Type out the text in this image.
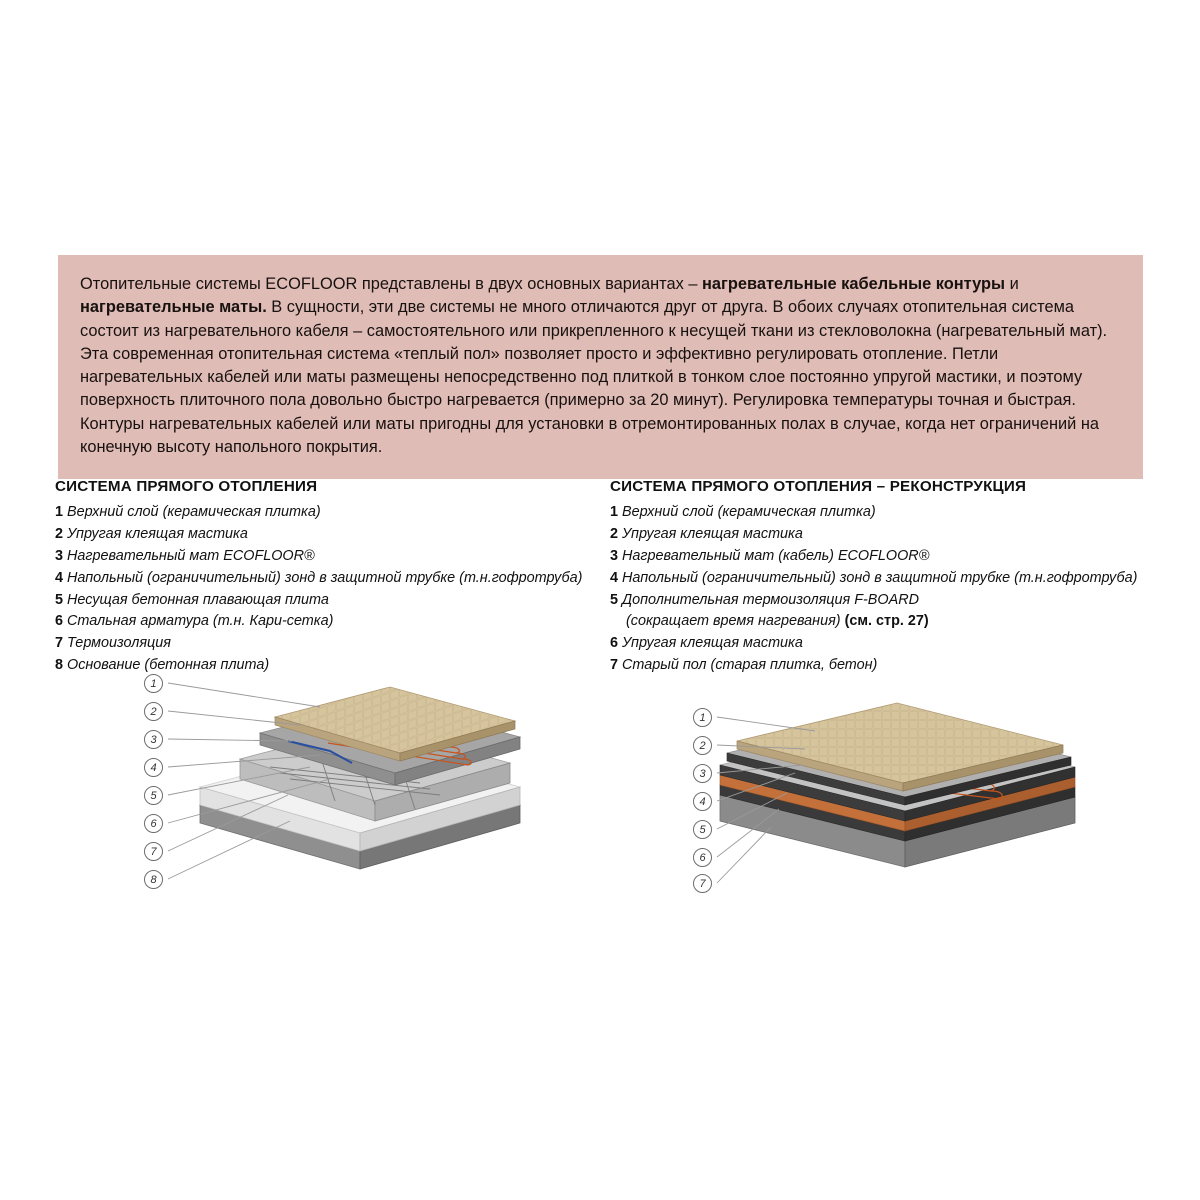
Отопительные системы ECOFLOOR представлены в двух основных вариантах – нагревательные кабельные контуры и нагревательные маты. В сущности, эти две системы не много отличаются друг от друга. В обоих случаях отопительная система состоит из нагревательного кабеля – самостоятельного или прикрепленного к несущей ткани из стекловолокна (нагревательный мат). Эта современная отопительная система «теплый пол» позволяет просто и эффективно регулировать отопление. Петли нагревательных кабелей или маты размещены непосредственно под плиткой в тонком слое постоянно упругой мастики, и поэтому поверхность плиточного пола довольно быстро нагревается (примерно за 20 минут). Регулировка температуры точная и быстрая. Контуры нагревательных кабелей или маты пригодны для установки в отремонтированных полах в случае, когда нет ограничений на конечную высоту напольного покрытия.

СИСТЕМА ПРЯМОГО ОТОПЛЕНИЯ
1Верхний слой (керамическая плитка)
2Упругая клеящая мастика
3Нагревательный мат ECOFLOOR®
4Напольный (ограничительный) зонд в защитной трубке (т.н.гофротруба)
5Несущая бетонная плавающая плита
6Стальная арматура (т.н. Кари-сетка)
7Термоизоляция
8Основание (бетонная плита)
СИСТЕМА ПРЯМОГО ОТОПЛЕНИЯ – РЕКОНСТРУКЦИЯ
1Верхний слой (керамическая плитка)
2Упругая клеящая мастика
3Нагревательный мат (кабель) ECOFLOOR®
4Напольный (ограничительный) зонд в защитной трубке (т.н.гофротруба)
5Дополнительная термоизоляция F-BOARD
(сокращает время нагревания) (см. стр. 27)
6Упругая клеящая мастика
7Старый пол (старая плитка, бетон)
1
2
3
4
5
6
7
8
1
2
3
4
5
6
7
